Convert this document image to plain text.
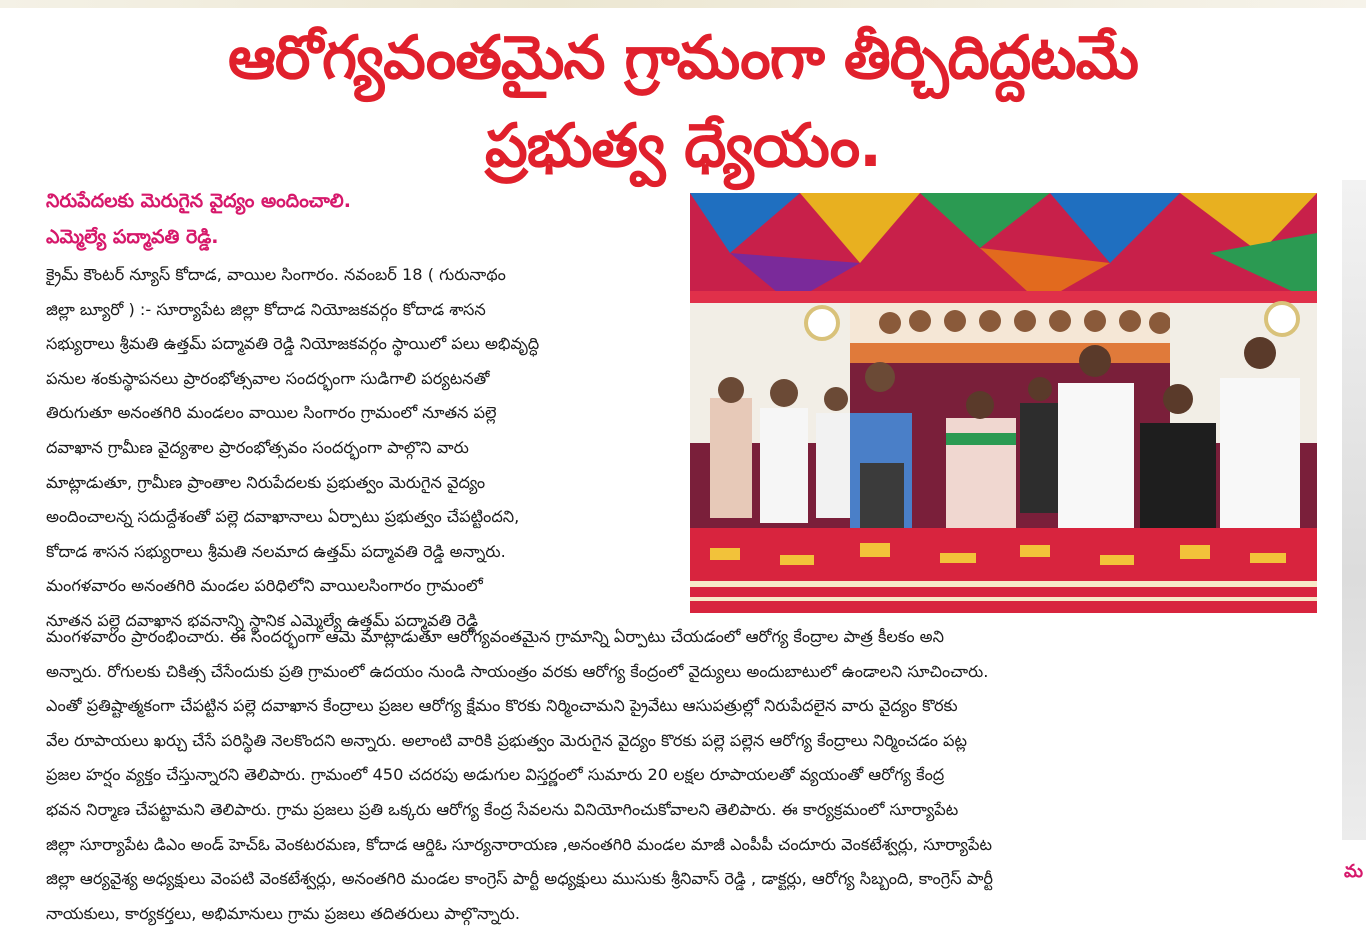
ఆరోగ్యవంతమైన గ్రామంగా తీర్చిదిద్దటమే
ప్రభుత్వ ధ్యేయం.
నిరుపేదలకు మెరుగైన వైద్యం అందించాలి.
ఎమ్మెల్యే పద్మావతి రెడ్డి.
క్రైమ్ కౌంటర్ న్యూస్ కోదాడ, వాయిల సింగారం. నవంబర్ 18 ( గురునాథం
జిల్లా బ్యూరో ) :- సూర్యాపేట జిల్లా కోదాడ నియోజకవర్గం కోదాడ శాసన
సభ్యురాలు శ్రీమతి ఉత్తమ్ పద్మావతి రెడ్డి నియోజకవర్గం స్థాయిలో పలు అభివృద్ధి
పనుల శంకుస్థాపనలు ప్రారంభోత్సవాల సందర్భంగా సుడిగాలి పర్యటనతో
తిరుగుతూ అనంతగిరి మండలం వాయిల సింగారం గ్రామంలో నూతన పల్లె
దవాఖాన గ్రామీణ వైద్యశాల ప్రారంభోత్సవం సందర్భంగా పాల్గొని వారు
మాట్లాడుతూ, గ్రామీణ ప్రాంతాల నిరుపేదలకు ప్రభుత్వం మెరుగైన వైద్యం
అందించాలన్న సదుద్దేశంతో పల్లె దవాఖానాలు ఏర్పాటు ప్రభుత్వం చేపట్టిందని,
కోదాడ శాసన సభ్యురాలు శ్రీమతి నలమాద ఉత్తమ్ పద్మావతి రెడ్డి అన్నారు.
మంగళవారం అనంతగిరి మండల పరిధిలోని వాయిలసింగారం గ్రామంలో
నూతన పల్లె దవాఖాన భవనాన్ని స్థానిక ఎమ్మెల్యే ఉత్తమ్ పద్మావతి రెడ్డి
మంగళవారం ప్రారంభించారు. ఈ సందర్భంగా ఆమె మాట్లాడుతూ ఆరోగ్యవంతమైన గ్రామాన్ని ఏర్పాటు చేయడంలో ఆరోగ్య కేంద్రాల పాత్ర కీలకం అని
అన్నారు. రోగులకు చికిత్స చేసేందుకు ప్రతి గ్రామంలో ఉదయం నుండి సాయంత్రం వరకు ఆరోగ్య కేంద్రంలో వైద్యులు అందుబాటులో ఉండాలని సూచించారు.
ఎంతో ప్రతిష్టాత్మకంగా చేపట్టిన పల్లె దవాఖాన కేంద్రాలు ప్రజల ఆరోగ్య క్షేమం కొరకు నిర్మించామని ప్రైవేటు ఆసుపత్రుల్లో నిరుపేదలైన వారు వైద్యం కొరకు
వేల రూపాయలు ఖర్చు చేసే పరిస్థితి నెలకొందని అన్నారు. అలాంటి వారికి ప్రభుత్వం మెరుగైన వైద్యం కొరకు పల్లె పల్లెన ఆరోగ్య కేంద్రాలు నిర్మించడం పట్ల
ప్రజల హర్షం వ్యక్తం చేస్తున్నారని తెలిపారు. గ్రామంలో 450 చదరపు అడుగుల విస్తర్ణంలో సుమారు 20 లక్షల రూపాయలతో వ్యయంతో ఆరోగ్య కేంద్ర
భవన నిర్మాణ చేపట్టామని తెలిపారు. గ్రామ ప్రజలు ప్రతి ఒక్కరు ఆరోగ్య కేంద్ర సేవలను వినియోగించుకోవాలని తెలిపారు. ఈ కార్యక్రమంలో సూర్యాపేట
జిల్లా సూర్యాపేట డిఎం అండ్ హెచ్ఓ వెంకటరమణ, కోదాడ ఆర్డిఓ సూర్యనారాయణ ,అనంతగిరి మండల మాజీ ఎంపీపీ చందూరు వెంకటేశ్వర్లు, సూర్యాపేట
జిల్లా ఆర్యవైశ్య అధ్యక్షులు వెంపటి వెంకటేశ్వర్లు, అనంతగిరి మండల కాంగ్రెస్ పార్టీ అధ్యక్షులు ముసుకు శ్రీనివాస్ రెడ్డి , డాక్టర్లు, ఆరోగ్య సిబ్బంది, కాంగ్రెస్ పార్టీ
నాయకులు, కార్యకర్తలు, అభిమానులు గ్రామ ప్రజలు తదితరులు పాల్గొన్నారు.
మ
